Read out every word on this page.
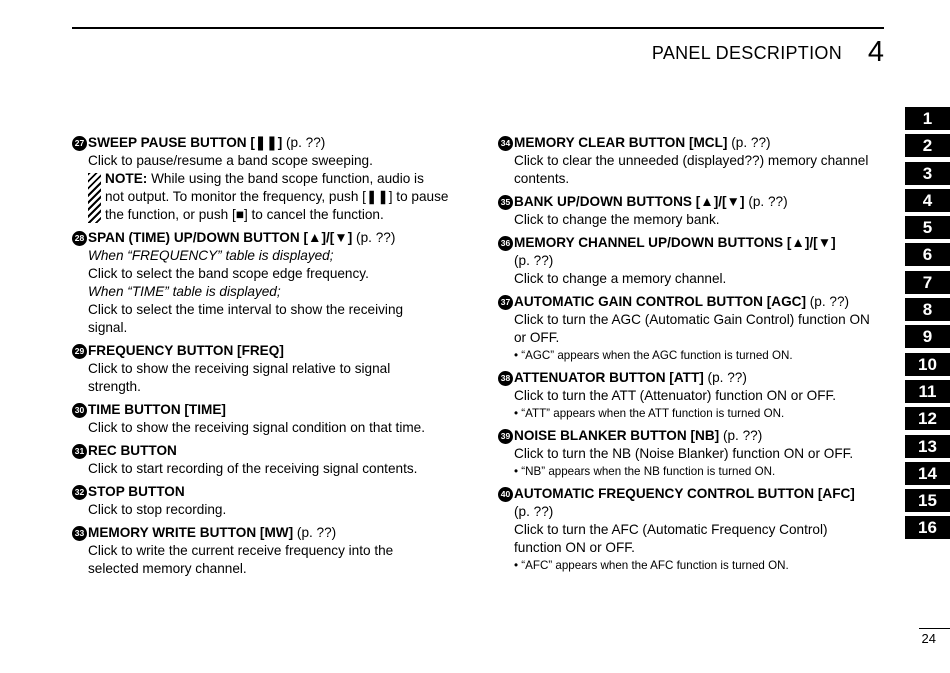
PANEL DESCRIPTION 4
27 SWEEP PAUSE BUTTON [❚❚] (p. ??)
Click to pause/resume a band scope sweeping.
NOTE: While using the band scope function, audio is
not output. To monitor the frequency, push [❚❚] to pause
the function, or push [■] to cancel the function.
28 SPAN (TIME) UP/DOWN BUTTON [▲]/[▼] (p. ??)
When “FREQUENCY” table is displayed;
Click to select the band scope edge frequency.
When “TIME” table is displayed;
Click to select the time interval to show the receiving
signal.
29 FREQUENCY BUTTON [FREQ]
Click to show the receiving signal relative to signal
strength.
30 TIME BUTTON [TIME]
Click to show the receiving signal condition on that time.
31 REC BUTTON
Click to start recording of the receiving signal contents.
32 STOP BUTTON
Click to stop recording.
33 MEMORY WRITE BUTTON [MW] (p. ??)
Click to write the current receive frequency into the
selected memory channel.
34 MEMORY CLEAR BUTTON [MCL] (p. ??)
Click to clear the unneeded (displayed??) memory channel
contents.
35 BANK UP/DOWN BUTTONS [▲]/[▼] (p. ??)
Click to change the memory bank.
36 MEMORY CHANNEL UP/DOWN BUTTONS [▲]/[▼]
(p. ??)
Click to change a memory channel.
37 AUTOMATIC GAIN CONTROL BUTTON [AGC] (p. ??)
Click to turn the AGC (Automatic Gain Control) function ON
or OFF.
• “AGC” appears when the AGC function is turned ON.
38 ATTENUATOR BUTTON [ATT] (p. ??)
Click to turn the ATT (Attenuator) function ON or OFF.
• “ATT” appears when the ATT function is turned ON.
39 NOISE BLANKER BUTTON [NB] (p. ??)
Click to turn the NB (Noise Blanker) function ON or OFF.
• “NB” appears when the NB function is turned ON.
40 AUTOMATIC FREQUENCY CONTROL BUTTON [AFC]
(p. ??)
Click to turn the AFC (Automatic Frequency Control)
function ON or OFF.
• “AFC” appears when the AFC function is turned ON.
1
2
3
4
5
6
7
8
9
10
11
12
13
14
15
16
24
